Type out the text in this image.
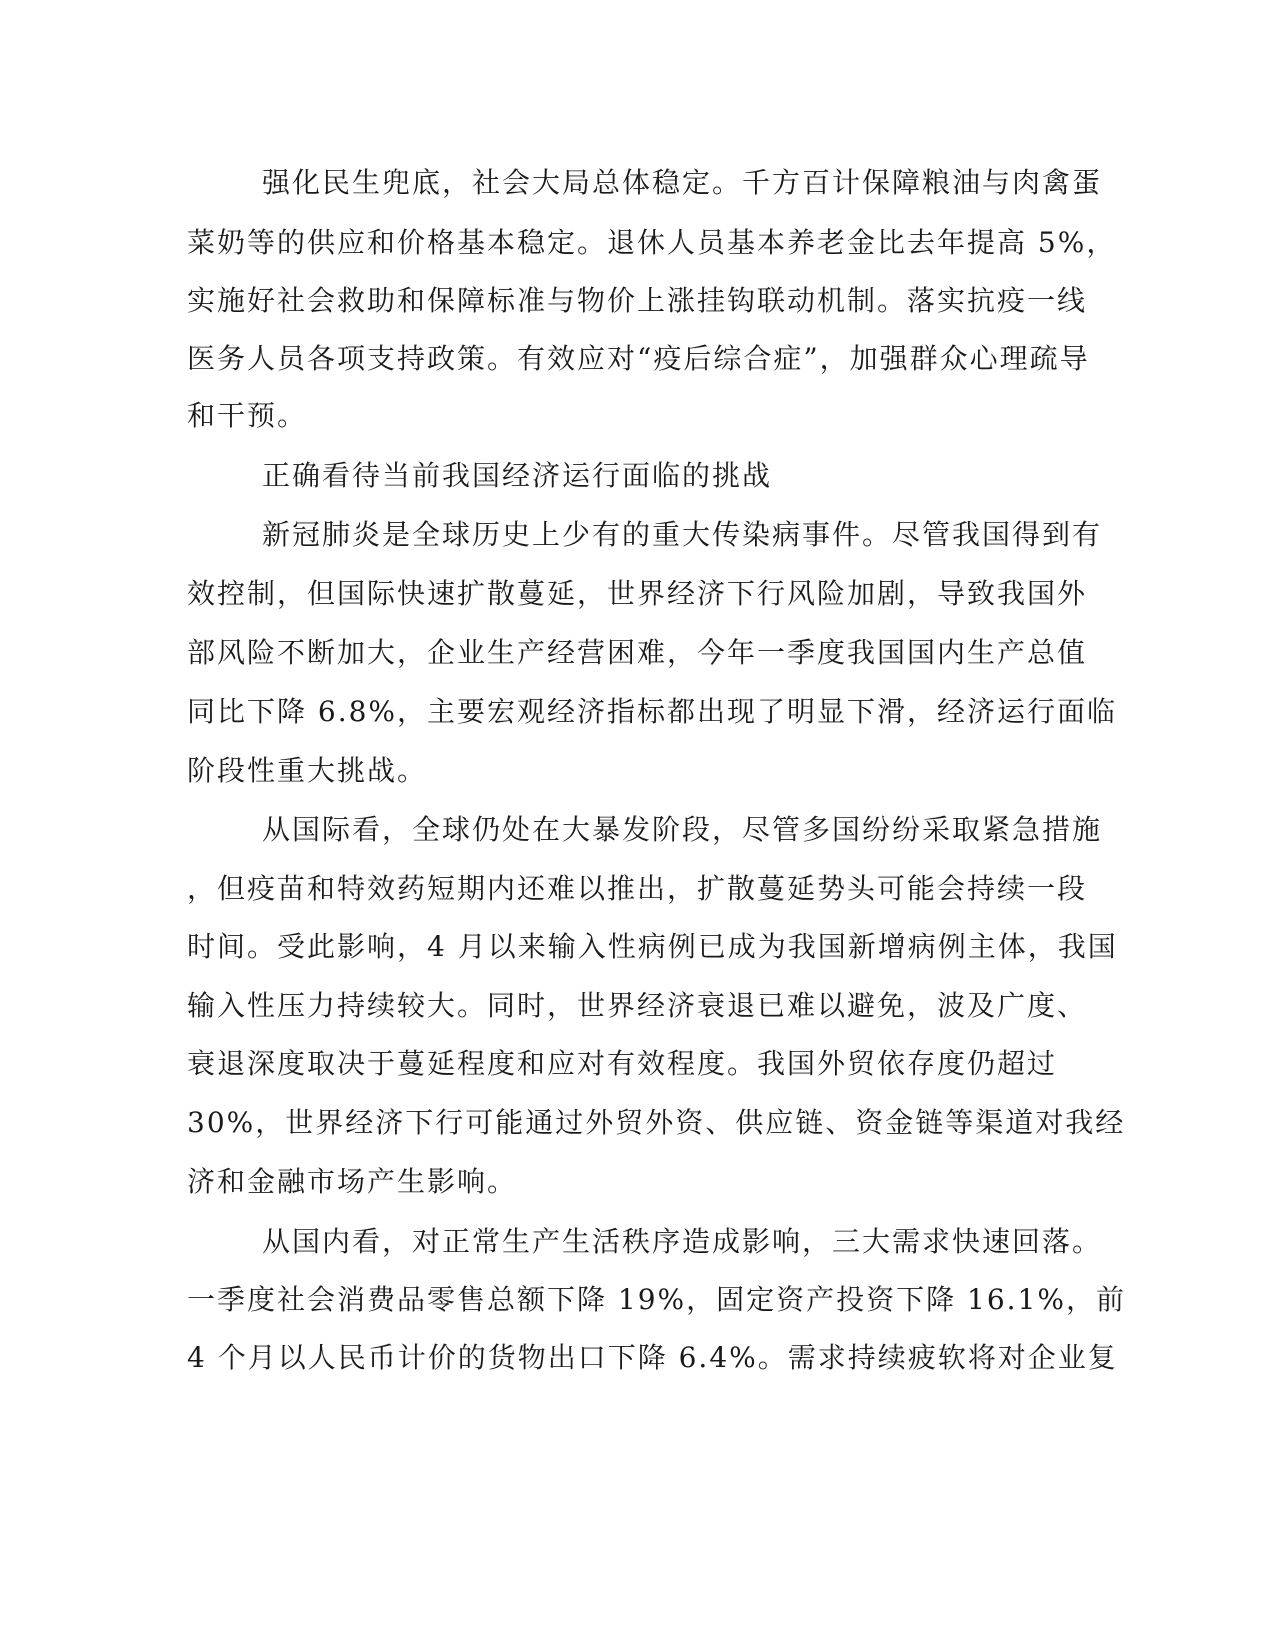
强化民生兜底，社会大局总体稳定。千方百计保障粮油与肉禽蛋
菜奶等的供应和价格基本稳定。退休人员基本养老金比去年提高 5%，
实施好社会救助和保障标准与物价上涨挂钩联动机制。落实抗疫一线
医务人员各项支持政策。有效应对“疫后综合症”，加强群众心理疏导
和干预。
正确看待当前我国经济运行面临的挑战
新冠肺炎是全球历史上少有的重大传染病事件。尽管我国得到有
效控制，但国际快速扩散蔓延，世界经济下行风险加剧，导致我国外
部风险不断加大，企业生产经营困难，今年一季度我国国内生产总值
同比下降 6.8%，主要宏观经济指标都出现了明显下滑，经济运行面临
阶段性重大挑战。
从国际看，全球仍处在大暴发阶段，尽管多国纷纷采取紧急措施
，但疫苗和特效药短期内还难以推出，扩散蔓延势头可能会持续一段
时间。受此影响，4 月以来输入性病例已成为我国新增病例主体，我国
输入性压力持续较大。同时，世界经济衰退已难以避免，波及广度、
衰退深度取决于蔓延程度和应对有效程度。我国外贸依存度仍超过
30%，世界经济下行可能通过外贸外资、供应链、资金链等渠道对我经
济和金融市场产生影响。
从国内看，对正常生产生活秩序造成影响，三大需求快速回落。
一季度社会消费品零售总额下降 19%，固定资产投资下降 16.1%，前
4 个月以人民币计价的货物出口下降 6.4%。需求持续疲软将对企业复
